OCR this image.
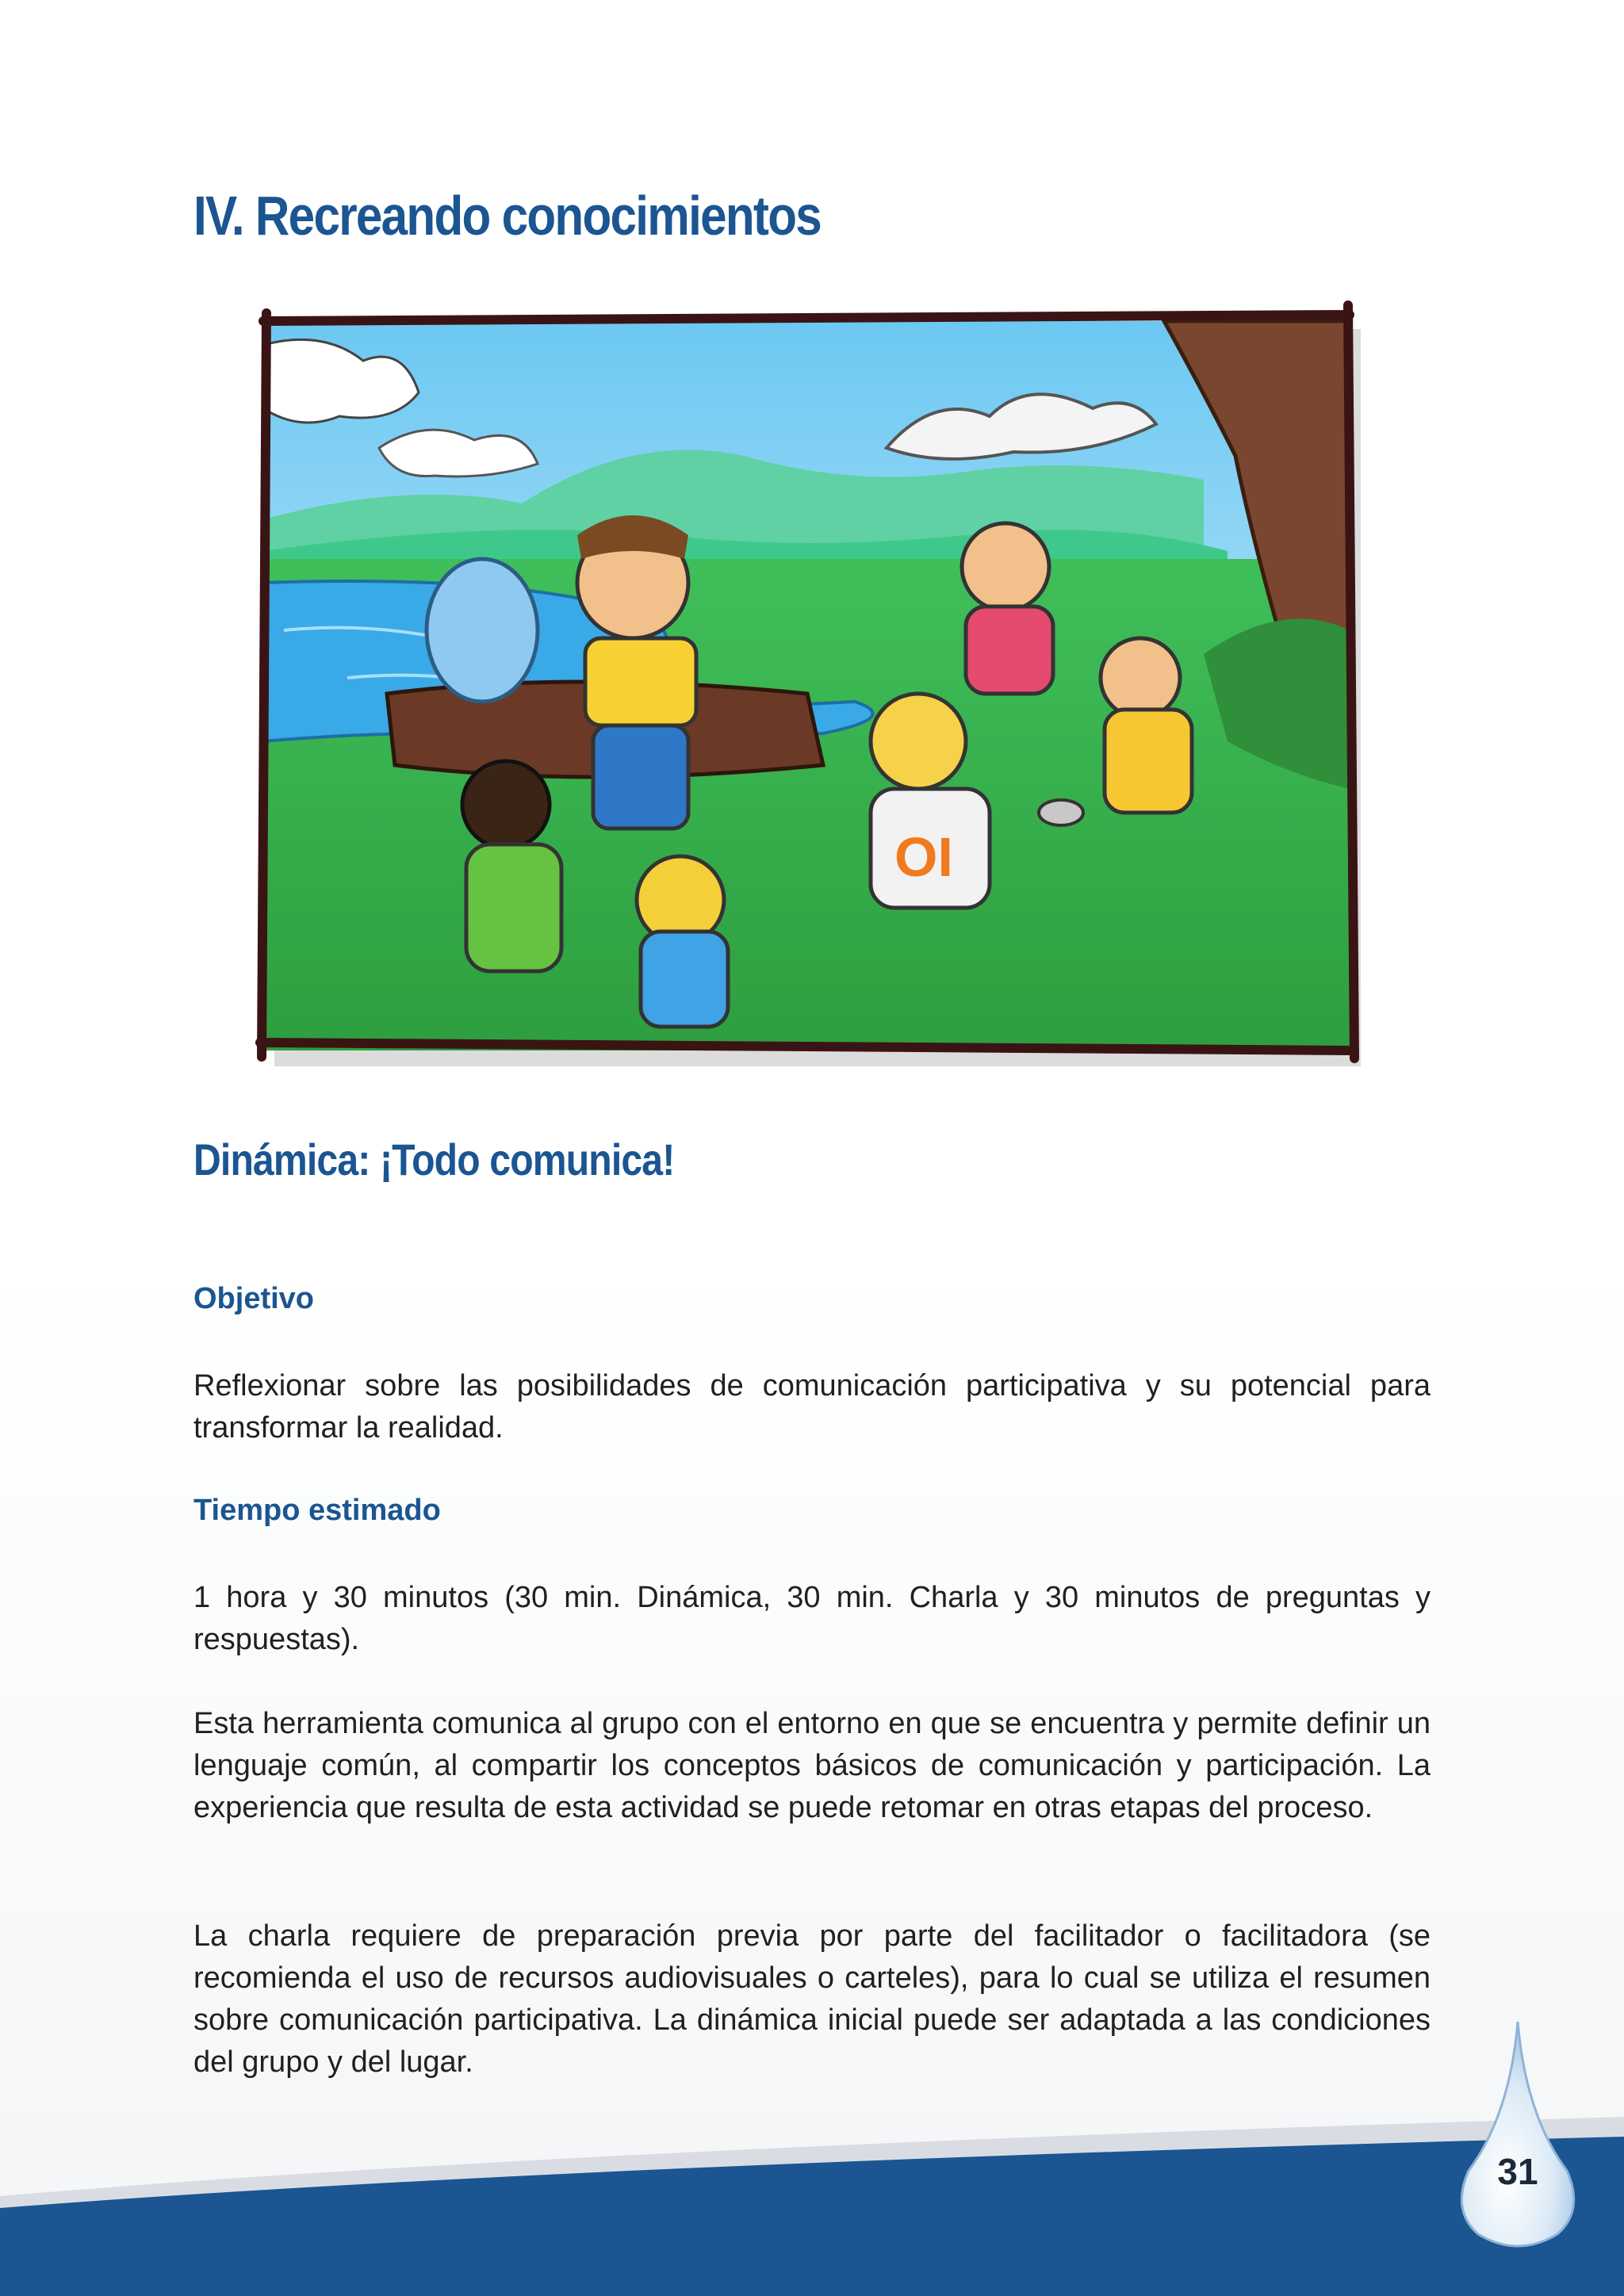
IV. Recreando conocimientos
OI
Dinámica: ¡Todo comunica!
Objetivo

Reflexionar sobre las posibilidades de comunicación participativa y su potencial para transformar la realidad.

Tiempo estimado

1 hora y 30 minutos (30 min. Dinámica, 30 min. Charla y 30 minutos de preguntas y respuestas).

Esta herramienta comunica al grupo con el entorno en que se encuentra y permite definir un lenguaje común, al compartir los conceptos básicos de comunicación y participación. La experiencia que resulta de esta actividad se puede retomar en otras etapas del proceso.

La charla requiere de preparación previa por parte del facilitador o facilitadora (se recomienda el uso de recursos audiovisuales o carteles), para lo cual se utiliza el resumen sobre comunicación participativa. La dinámica inicial puede ser adaptada a las condiciones del grupo y del lugar.

31
